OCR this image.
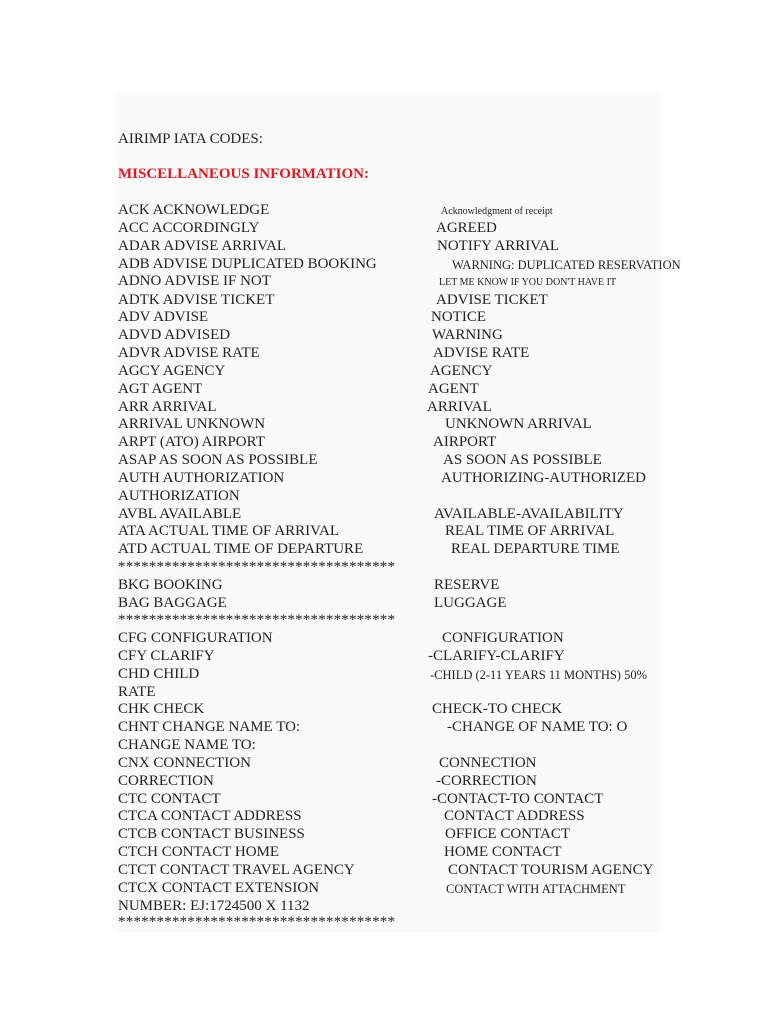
AIRIMP IATA CODES:
MISCELLANEOUS INFORMATION:
ACK ACKNOWLEDGE	Acknowledgment of receipt
ACC ACCORDINGLY	AGREED
ADAR ADVISE ARRIVAL	NOTIFY ARRIVAL
ADB ADVISE DUPLICATED BOOKING	WARNING: DUPLICATED RESERVATION
ADNO ADVISE IF NOT	LET ME KNOW IF YOU DON'T HAVE IT
ADTK ADVISE TICKET	ADVISE TICKET
ADV ADVISE	NOTICE
ADVD ADVISED	WARNING
ADVR ADVISE RATE	ADVISE RATE
AGCY AGENCY	AGENCY
AGT AGENT	AGENT
ARR ARRIVAL	ARRIVAL
ARRIVAL UNKNOWN	UNKNOWN ARRIVAL
ARPT (ATO) AIRPORT	AIRPORT
ASAP AS SOON AS POSSIBLE	AS SOON AS POSSIBLE
AUTH AUTHORIZATION	AUTHORIZING-AUTHORIZED
AUTHORIZATION
AVBL AVAILABLE	AVAILABLE-AVAILABILITY
ATA ACTUAL TIME OF ARRIVAL	REAL TIME OF ARRIVAL
ATD ACTUAL TIME OF DEPARTURE	REAL DEPARTURE TIME
************************************
BKG BOOKING	RESERVE
BAG BAGGAGE	LUGGAGE
************************************
CFG CONFIGURATION	CONFIGURATION
CFY CLARIFY	-CLARIFY-CLARIFY
CHD CHILD	-CHILD (2-11 YEARS 11 MONTHS) 50%
RATE
CHK CHECK	CHECK-TO CHECK
CHNT CHANGE NAME TO:	-CHANGE OF NAME TO: O
CHANGE NAME TO:
CNX CONNECTION	CONNECTION
CORRECTION	-CORRECTION
CTC CONTACT	-CONTACT-TO CONTACT
CTCA CONTACT ADDRESS	CONTACT ADDRESS
CTCB CONTACT BUSINESS	OFFICE CONTACT
CTCH CONTACT HOME	HOME CONTACT
CTCT CONTACT TRAVEL AGENCY	CONTACT TOURISM AGENCY
CTCX CONTACT EXTENSION	CONTACT WITH ATTACHMENT
NUMBER: EJ:1724500 X 1132
************************************
